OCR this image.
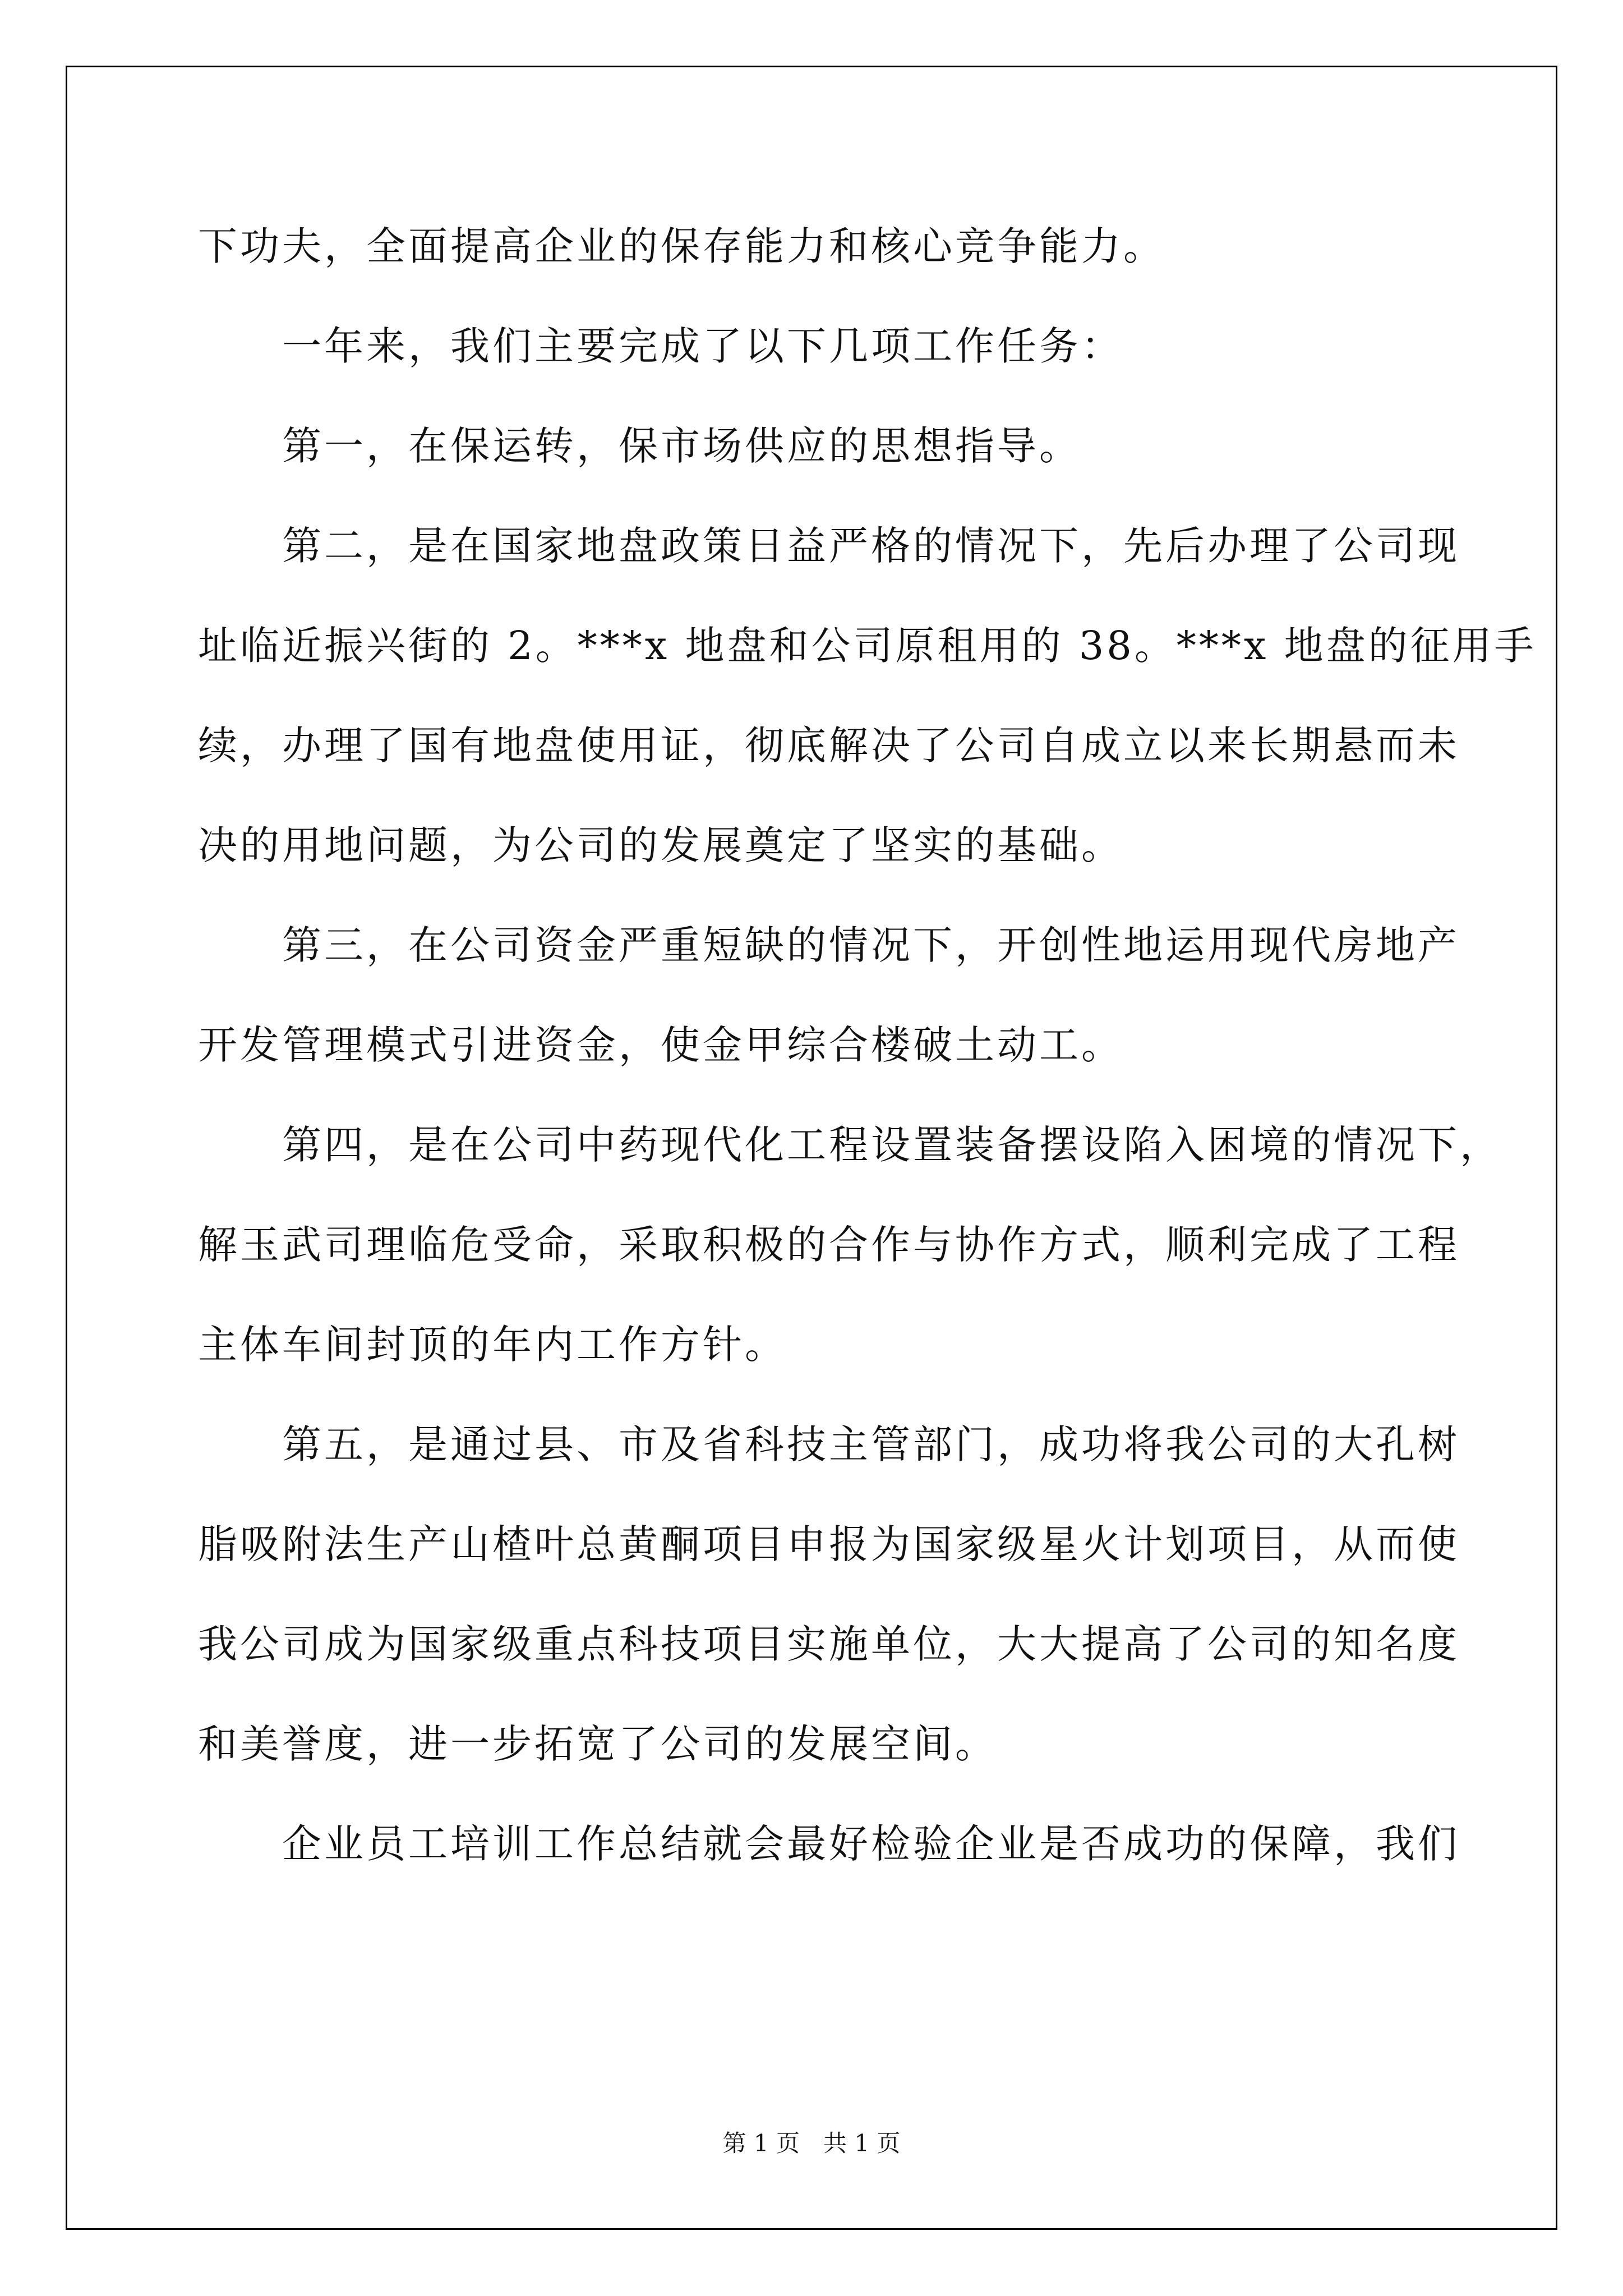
下功夫，全面提高企业的保存能力和核心竞争能力。
一年来，我们主要完成了以下几项工作任务：
第一，在保运转，保市场供应的思想指导。
第二，是在国家地盘政策日益严格的情况下，先后办理了公司现
址临近振兴街的 2。***x 地盘和公司原租用的 38。***x 地盘的征用手
续，办理了国有地盘使用证，彻底解决了公司自成立以来长期悬而未
决的用地问题，为公司的发展奠定了坚实的基础。
第三，在公司资金严重短缺的情况下，开创性地运用现代房地产
开发管理模式引进资金，使金甲综合楼破土动工。
第四，是在公司中药现代化工程设置装备摆设陷入困境的情况下，
解玉武司理临危受命，采取积极的合作与协作方式，顺利完成了工程
主体车间封顶的年内工作方针。
第五，是通过县、市及省科技主管部门，成功将我公司的大孔树
脂吸附法生产山楂叶总黄酮项目申报为国家级星火计划项目，从而使
我公司成为国家级重点科技项目实施单位，大大提高了公司的知名度
和美誉度，进一步拓宽了公司的发展空间。
企业员工培训工作总结就会最好检验企业是否成功的保障，我们
第 1 页　共 1 页
